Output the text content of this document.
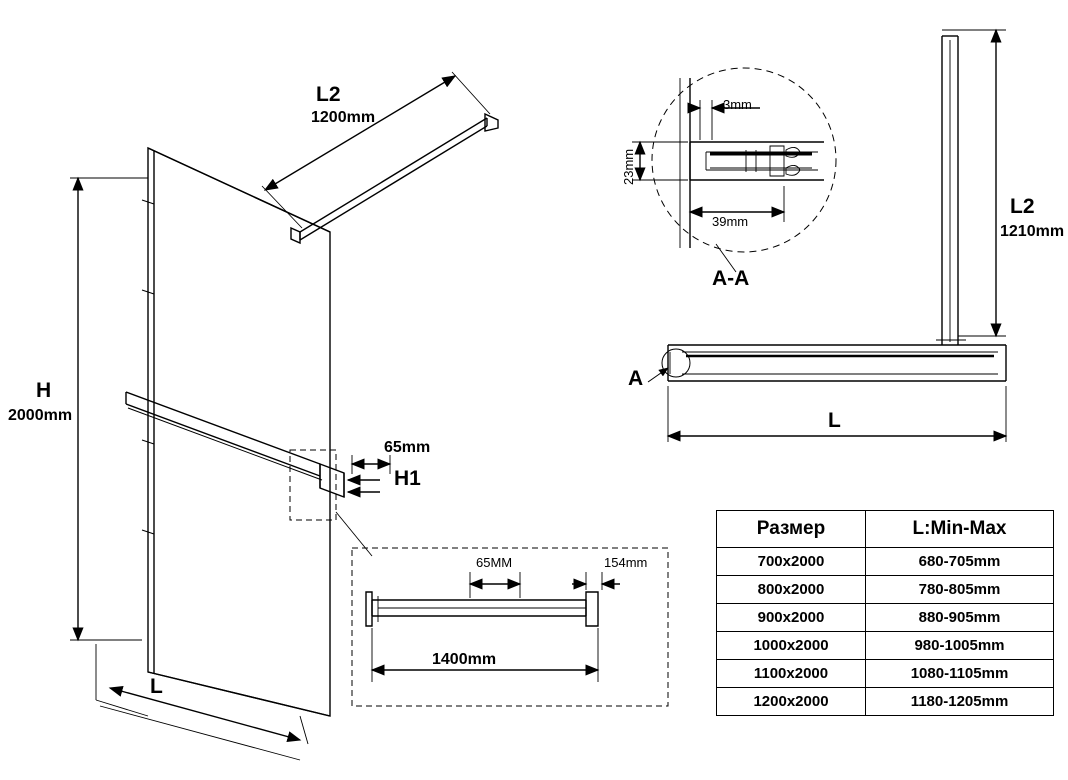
L2
1200mm
H
2000mm
L
65mm
H1
3mm
23mm
39mm
A-A
A
L2
1210mm
L
65MM	154mm
1400mm
Размер	L:Min-Max
700x2000	680-705mm
800x2000	780-805mm
900x2000	880-905mm
1000x2000	980-1005mm
1100x2000	1080-1105mm
1200x2000	1180-1205mm
